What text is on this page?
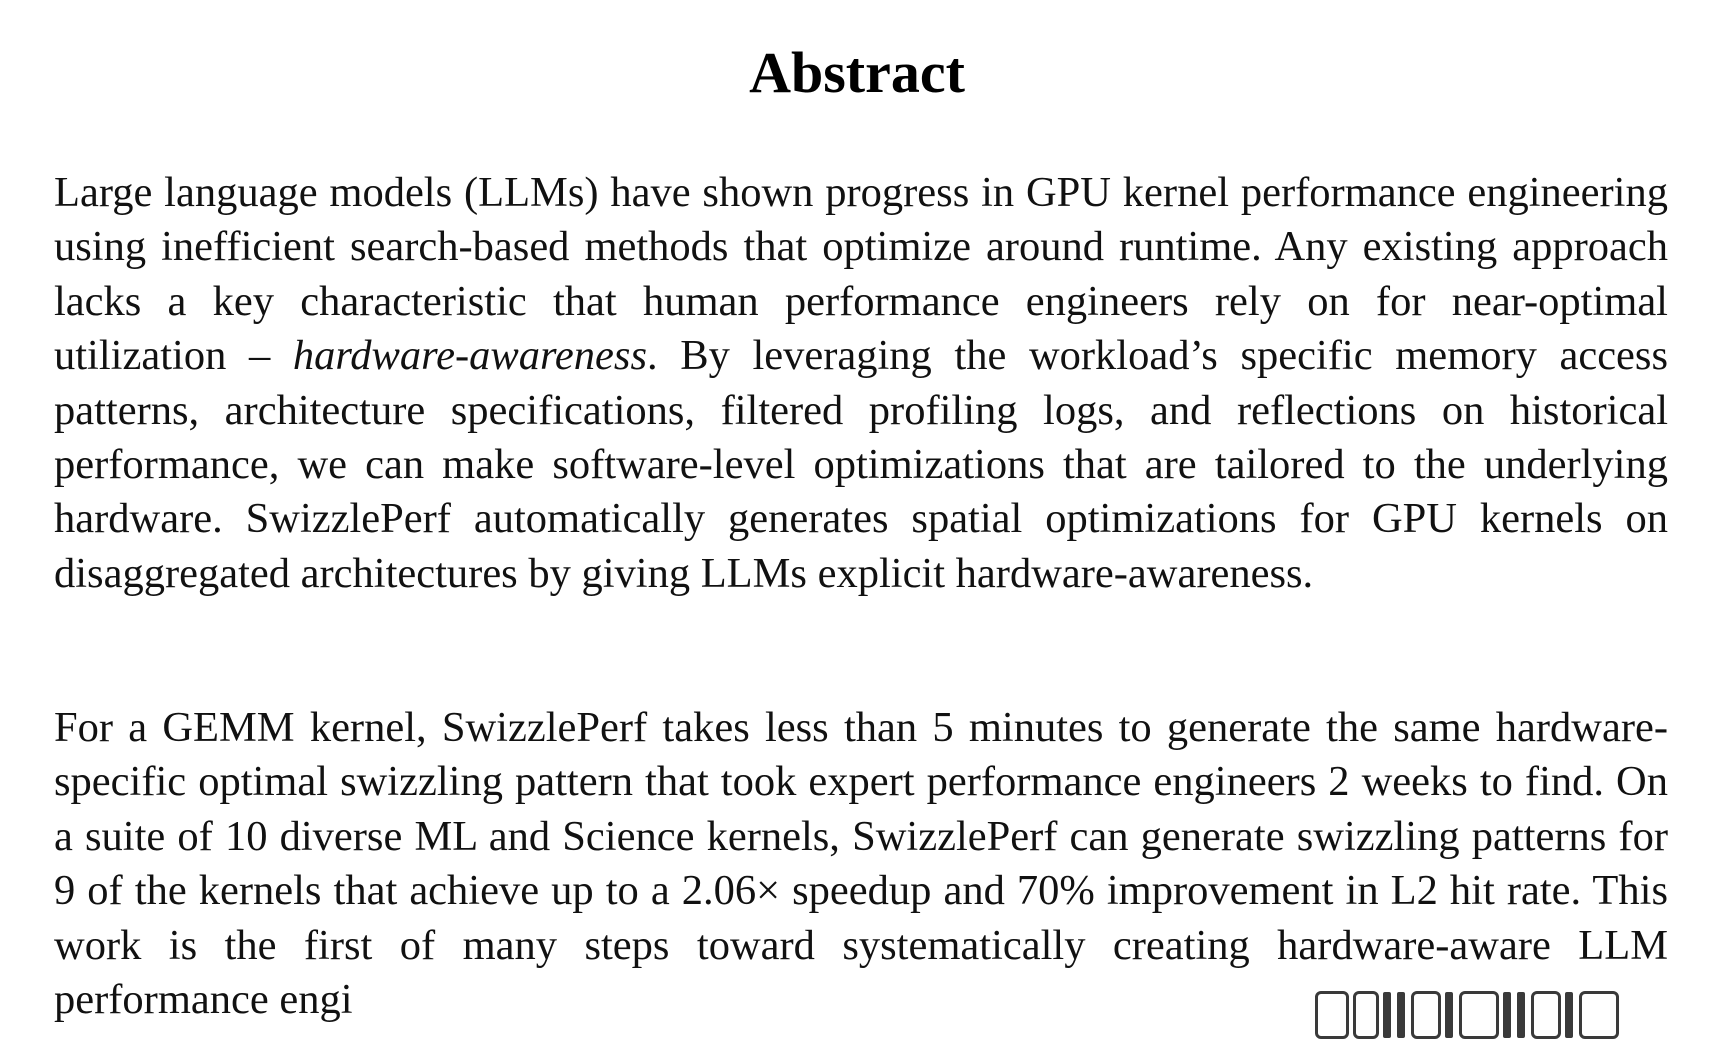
Abstract

Large language models (LLMs) have shown progress in GPU kernel performance engineering using inefficient search-based methods that optimize around runtime. Any existing approach lacks a key characteristic that human performance engineers rely on for near-optimal utilization – hardware-awareness. By leveraging the workload’s specific memory access patterns, architecture specifications, filtered profiling logs, and reflections on historical performance, we can make software-level optimizations that are tailored to the underlying hardware. SwizzlePerf automatically generates spatial optimizations for GPU kernels on disaggregated architectures by giving LLMs explicit hardware-awareness.

For a GEMM kernel, SwizzlePerf takes less than 5 minutes to generate the same hardware-specific optimal swizzling pattern that took expert performance engineers 2 weeks to find. On a suite of 10 diverse ML and Science kernels, SwizzlePerf can generate swizzling patterns for 9 of the kernels that achieve up to a 2.06× speedup and 70% improvement in L2 hit rate. This work is the first of many steps toward systematically creating hardware-aware LLM performance engi
